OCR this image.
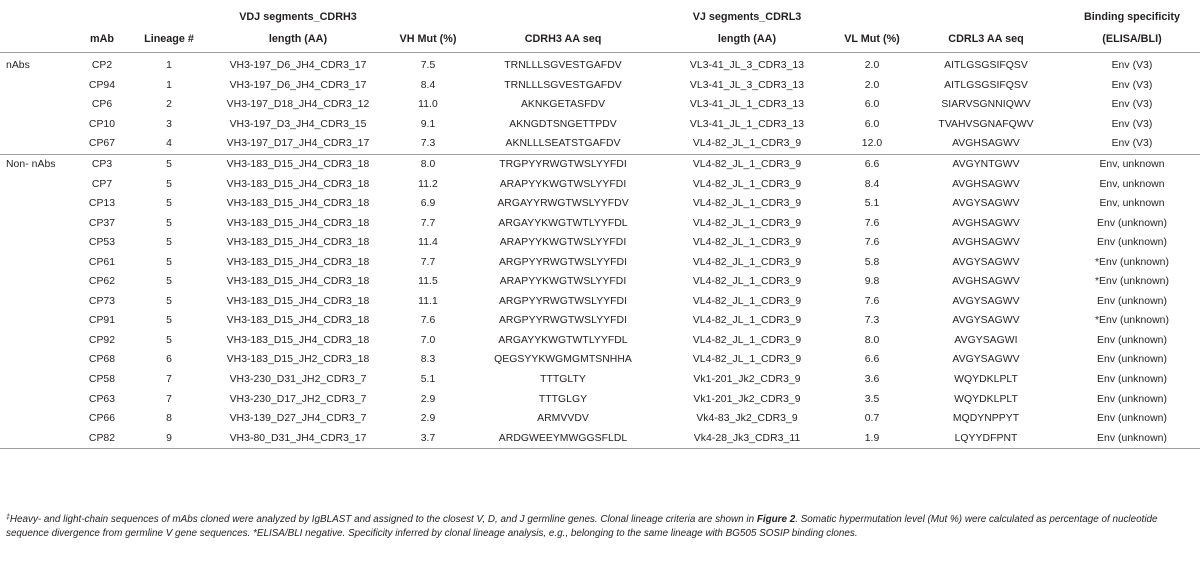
			VDJ segments_CDRH3			VJ segments_CDRL3			Binding specificity
	mAb	Lineage #	length (AA)	VH Mut (%)	CDRH3 AA seq	length (AA)	VL Mut (%)	CDRL3 AA seq	(ELISA/BLI)
nAbs	CP2	1	VH3-197_D6_JH4_CDR3_17	7.5	TRNLLLSGVESTGAFDV	VL3-41_JL_3_CDR3_13	2.0	AITLGSGSIFQSV	Env (V3)
	CP94	1	VH3-197_D6_JH4_CDR3_17	8.4	TRNLLLSGVESTGAFDV	VL3-41_JL_3_CDR3_13	2.0	AITLGSGSIFQSV	Env (V3)
	CP6	2	VH3-197_D18_JH4_CDR3_12	11.0	AKNKGETASFDV	VL3-41_JL_1_CDR3_13	6.0	SIARVSGNNIQWV	Env (V3)
	CP10	3	VH3-197_D3_JH4_CDR3_15	9.1	AKNGDTSNGETTPDV	VL3-41_JL_1_CDR3_13	6.0	TVAHVSGNAFQWV	Env (V3)
	CP67	4	VH3-197_D17_JH4_CDR3_17	7.3	AKNLLLSEATSTGAFDV	VL4-82_JL_1_CDR3_9	12.0	AVGHSAGWV	Env (V3)
Non- nAbs	CP3	5	VH3-183_D15_JH4_CDR3_18	8.0	TRGPYYRWGTWSLYYFDI	VL4-82_JL_1_CDR3_9	6.6	AVGYNTGWV	Env, unknown
	CP7	5	VH3-183_D15_JH4_CDR3_18	11.2	ARAPYYKWGTWSLYYFDI	VL4-82_JL_1_CDR3_9	8.4	AVGHSAGWV	Env, unknown
	CP13	5	VH3-183_D15_JH4_CDR3_18	6.9	ARGAYYRWGTWSLYYFDV	VL4-82_JL_1_CDR3_9	5.1	AVGYSAGWV	Env, unknown
	CP37	5	VH3-183_D15_JH4_CDR3_18	7.7	ARGAYYKWGTWTLYYFDL	VL4-82_JL_1_CDR3_9	7.6	AVGHSAGWV	Env (unknown)
	CP53	5	VH3-183_D15_JH4_CDR3_18	11.4	ARAPYYKWGTWSLYYFDI	VL4-82_JL_1_CDR3_9	7.6	AVGHSAGWV	Env (unknown)
	CP61	5	VH3-183_D15_JH4_CDR3_18	7.7	ARGPYYRWGTWSLYYFDI	VL4-82_JL_1_CDR3_9	5.8	AVGYSAGWV	*Env (unknown)
	CP62	5	VH3-183_D15_JH4_CDR3_18	11.5	ARAPYYKWGTWSLYYFDI	VL4-82_JL_1_CDR3_9	9.8	AVGHSAGWV	*Env (unknown)
	CP73	5	VH3-183_D15_JH4_CDR3_18	11.1	ARGPYYRWGTWSLYYFDI	VL4-82_JL_1_CDR3_9	7.6	AVGYSAGWV	Env (unknown)
	CP91	5	VH3-183_D15_JH4_CDR3_18	7.6	ARGPYYRWGTWSLYYFDI	VL4-82_JL_1_CDR3_9	7.3	AVGYSAGWV	*Env (unknown)
	CP92	5	VH3-183_D15_JH4_CDR3_18	7.0	ARGAYYKWGTWTLYYFDL	VL4-82_JL_1_CDR3_9	8.0	AVGYSAGWI	Env (unknown)
	CP68	6	VH3-183_D15_JH2_CDR3_18	8.3	QEGSYYKWGMGMTSNHHA	VL4-82_JL_1_CDR3_9	6.6	AVGYSAGWV	Env (unknown)
	CP58	7	VH3-230_D31_JH2_CDR3_7	5.1	TTTGLTY	Vk1-201_Jk2_CDR3_9	3.6	WQYDKLPLT	Env (unknown)
	CP63	7	VH3-230_D17_JH2_CDR3_7	2.9	TTTGLGY	Vk1-201_Jk2_CDR3_9	3.5	WQYDKLPLT	Env (unknown)
	CP66	8	VH3-139_D27_JH4_CDR3_7	2.9	ARMVVDV	Vk4-83_Jk2_CDR3_9	0.7	MQDYNPPYT	Env (unknown)
	CP82	9	VH3-80_D31_JH4_CDR3_17	3.7	ARDGWEEYMWGGSFLDL	Vk4-28_Jk3_CDR3_11	1.9	LQYYDFPNT	Env (unknown)
‡Heavy- and light-chain sequences of mAbs cloned were analyzed by IgBLAST and assigned to the closest V, D, and J germline genes. Clonal lineage criteria are shown in Figure 2. Somatic hypermutation level (Mut %) were calculated as percentage of nucleotide sequence divergence from germline V gene sequences. *ELISA/BLI negative. Specificity inferred by clonal lineage analysis, e.g., belonging to the same lineage with BG505 SOSIP binding clones.
